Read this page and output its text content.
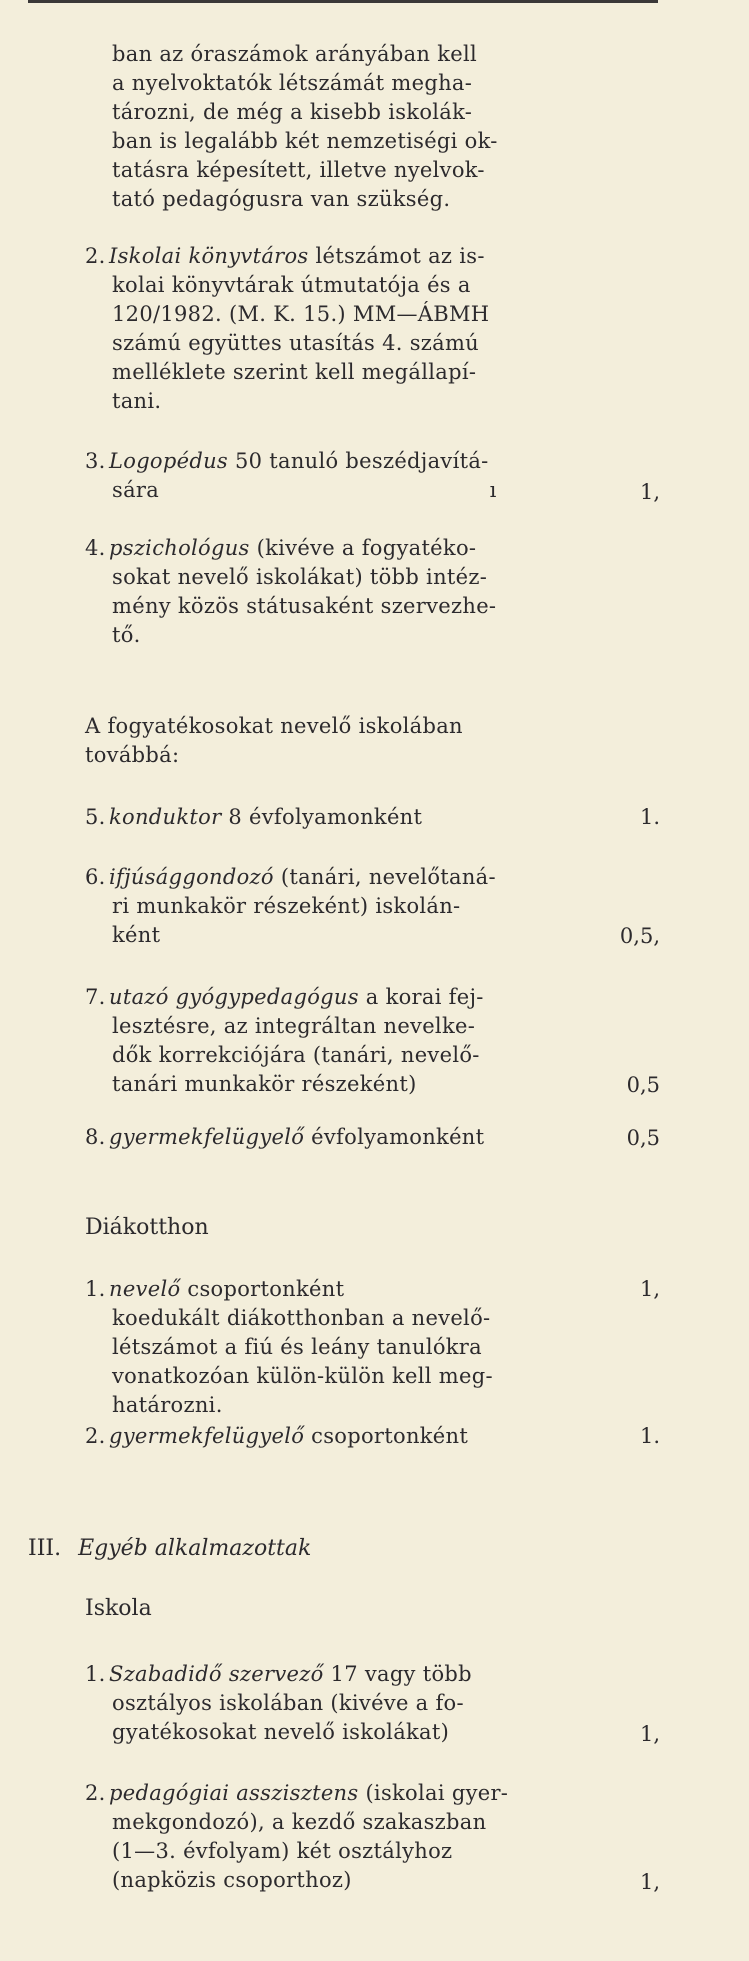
ban az óraszámok arányában kell
a nyelvoktatók létszámát megha-
tározni, de még a kisebb iskolák-
ban is legalább két nemzetiségi ok-
tatásra képesített, illetve nyelvok-
tató pedagógusra van szükség.
2. Iskolai könyvtáros létszámot az is-
kolai könyvtárak útmutatója és a
120/1982. (M. K. 15.) MM—ÁBMH
számú együttes utasítás 4. számú
melléklete szerint kell megállapí-
tani.
3. Logopédus 50 tanuló beszédjavítá-
sára	ı	1,
4. pszichológus (kivéve a fogyatéko-
sokat nevelő iskolákat) több intéz-
mény közös státusaként szervezhe-
tő.
A fogyatékosokat nevelő iskolában
továbbá:
5. konduktor 8 évfolyamonként	1.
6. ifjúsággondozó (tanári, nevelőtaná-
ri munkakör részeként) iskolán-
ként	0,5,
7. utazó gyógypedagógus a korai fej-
lesztésre, az integráltan nevelke-
dők korrekciójára (tanári, nevelő-
tanári munkakör részeként)	0,5
8. gyermekfelügyelő évfolyamonként	0,5
Diákotthon
1. nevelő csoportonként	1,
koedukált diákotthonban a nevelő-
létszámot a fiú és leány tanulókra
vonatkozóan külön-külön kell meg-
határozni.
2. gyermekfelügyelő csoportonként	1.
III. Egyéb alkalmazottak
Iskola
1. Szabadidő szervező 17 vagy több
osztályos iskolában (kivéve a fo-
gyatékosokat nevelő iskolákat)	1,
2. pedagógiai asszisztens (iskolai gyer-
mekgondozó), a kezdő szakaszban
(1—3. évfolyam) két osztályhoz
(napközis csoporthoz)	1,
